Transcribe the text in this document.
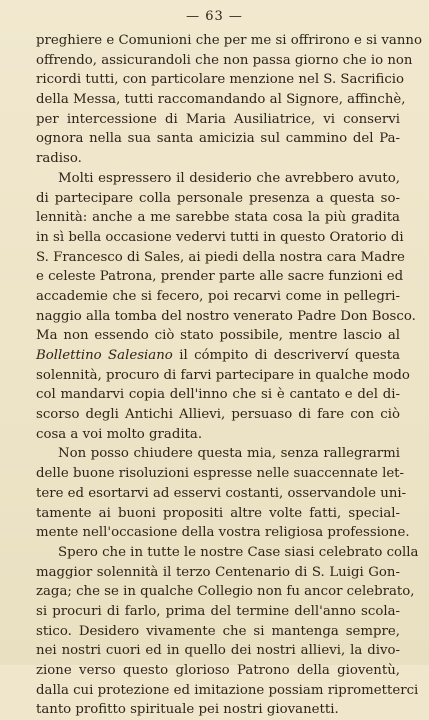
— 63 —
preghiere e Comunioni che per me si offrirono e si vanno
offrendo, assicurandoli che non passa giorno che io non
ricordi tutti, con particolare menzione nel S. Sacrificio
della Messa, tutti raccomandando al Signore, affinchè,
per intercessione di Maria Ausiliatrice, vi conservi
ognora nella sua santa amicizia sul cammino del Pa-
radiso.
Molti espressero il desiderio che avrebbero avuto,
di partecipare colla personale presenza a questa so-
lennità: anche a me sarebbe stata cosa la più gradita
in sì bella occasione vedervi tutti in questo Oratorio di
S. Francesco di Sales, ai piedi della nostra cara Madre
e celeste Patrona, prender parte alle sacre funzioni ed
accademie che si fecero, poi recarvi come in pellegri-
naggio alla tomba del nostro venerato Padre Don Bosco.
Ma non essendo ciò stato possibile, mentre lascio al
Bollettino Salesiano il cómpito di descriverví questa
solennità, procuro di farvi partecipare in qualche modo
col mandarvi copia dell'inno che si è cantato e del di-
scorso degli Antichi Allievi, persuaso di fare con ciò
cosa a voi molto gradita.
Non posso chiudere questa mia, senza rallegrarmi
delle buone risoluzioni espresse nelle suaccennate let-
tere ed esortarvi ad esservi costanti, osservandole uni-
tamente ai buoni propositi altre volte fatti, special-
mente nell'occasione della vostra religiosa professione.
Spero che in tutte le nostre Case siasi celebrato colla
maggior solennità il terzo Centenario di S. Luigi Gon-
zaga; che se in qualche Collegio non fu ancor celebrato,
si procuri di farlo, prima del termine dell'anno scola-
stico. Desidero vivamente che si mantenga sempre,
nei nostri cuori ed in quello dei nostri allievi, la divo-
zione verso questo glorioso Patrono della gioventù,
dalla cui protezione ed imitazione possiam riprometterci
tanto profitto spirituale pei nostri giovanetti.
